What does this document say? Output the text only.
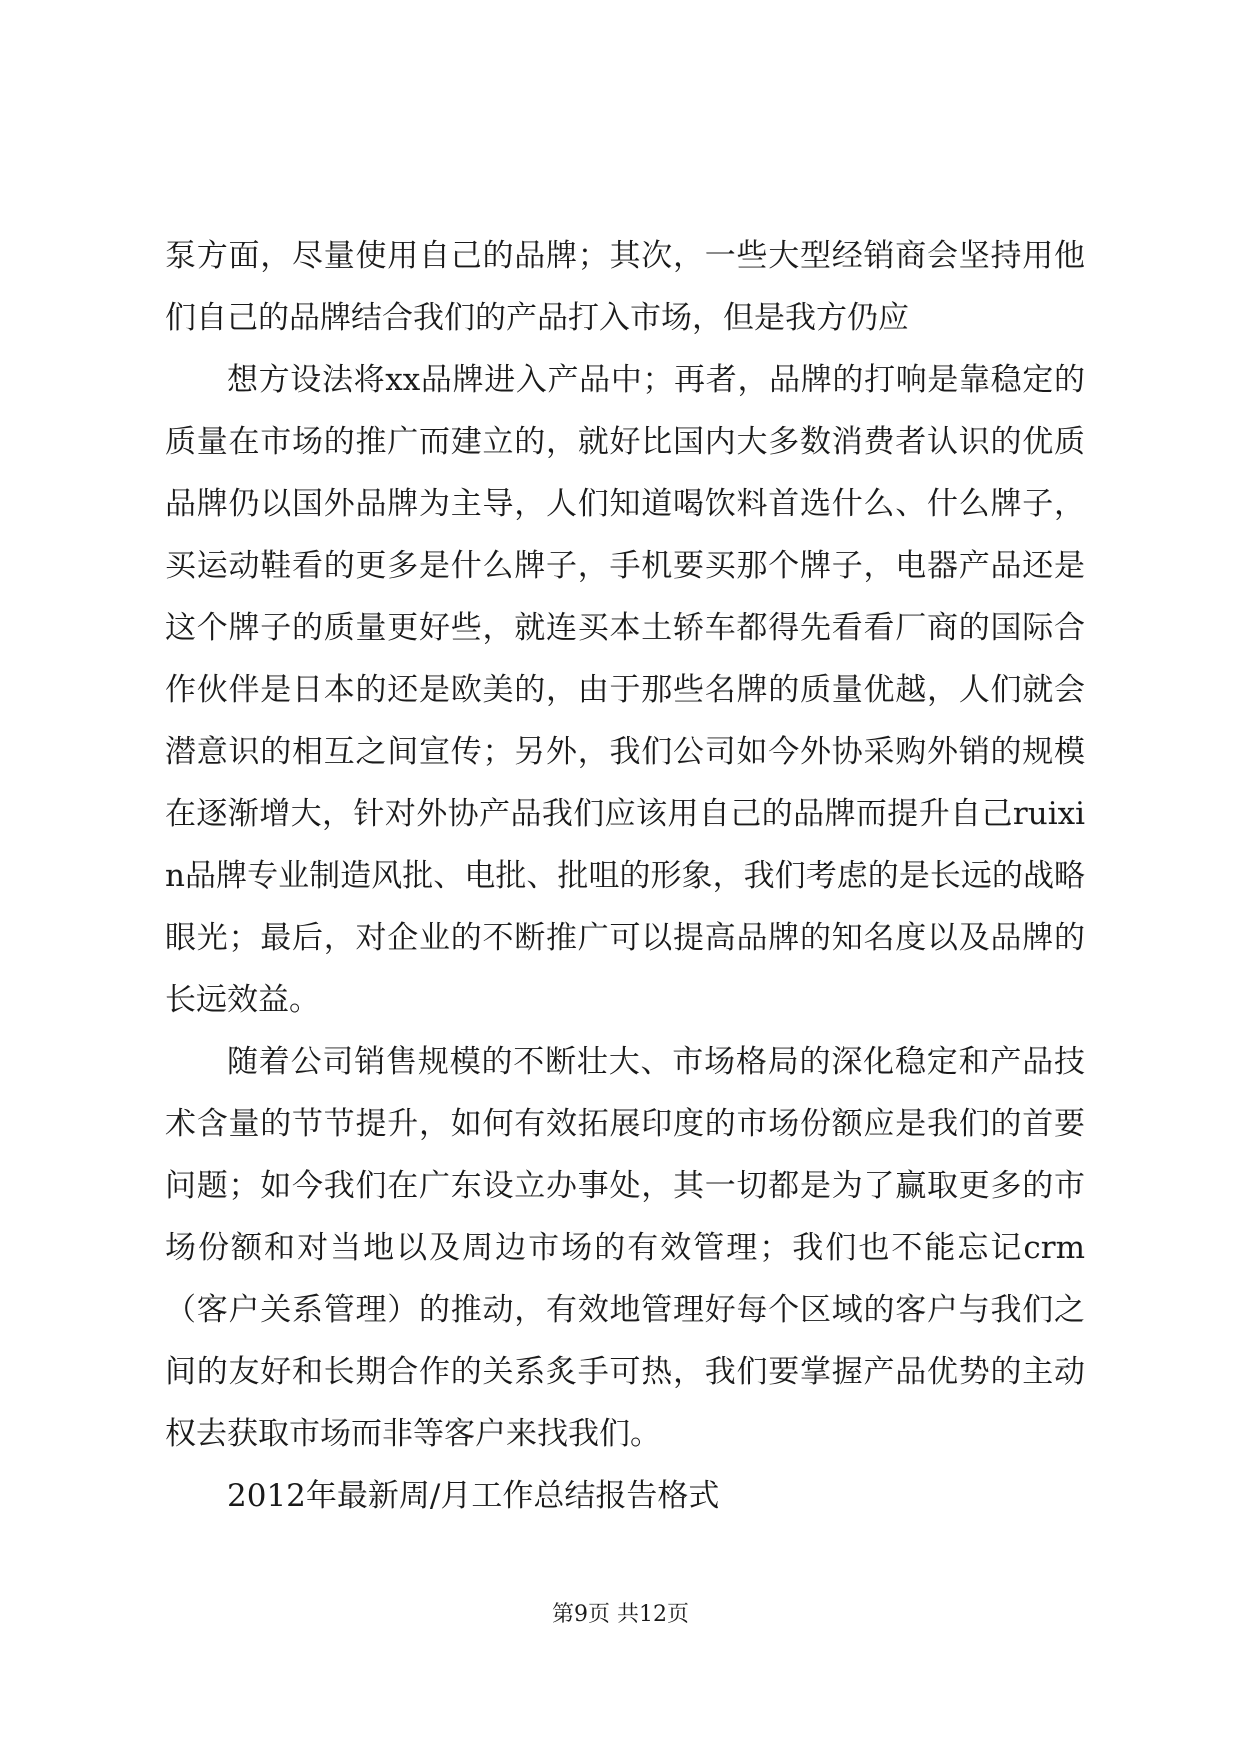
泵方面，尽量使用自己的品牌；其次，一些大型经销商会坚持用他们自己的品牌结合我们的产品打入市场，但是我方仍应

想方设法将xx品牌进入产品中；再者，品牌的打响是靠稳定的质量在市场的推广而建立的，就好比国内大多数消费者认识的优质品牌仍以国外品牌为主导，人们知道喝饮料首选什么、什么牌子，买运动鞋看的更多是什么牌子，手机要买那个牌子，电器产品还是这个牌子的质量更好些，就连买本土轿车都得先看看厂商的国际合作伙伴是日本的还是欧美的，由于那些名牌的质量优越，人们就会潜意识的相互之间宣传；另外，我们公司如今外协采购外销的规模在逐渐增大，针对外协产品我们应该用自己的品牌而提升自己ruixin品牌专业制造风批、电批、批咀的形象，我们考虑的是长远的战略眼光；最后，对企业的不断推广可以提高品牌的知名度以及品牌的长远效益。

随着公司销售规模的不断壮大、市场格局的深化稳定和产品技术含量的节节提升，如何有效拓展印度的市场份额应是我们的首要问题；如今我们在广东设立办事处，其一切都是为了赢取更多的市场份额和对当地以及周边市场的有效管理；我们也不能忘记crm（客户关系管理）的推动，有效地管理好每个区域的客户与我们之间的友好和长期合作的关系炙手可热，我们要掌握产品优势的主动权去获取市场而非等客户来找我们。

2012年最新周/月工作总结报告格式

第9页 共12页
